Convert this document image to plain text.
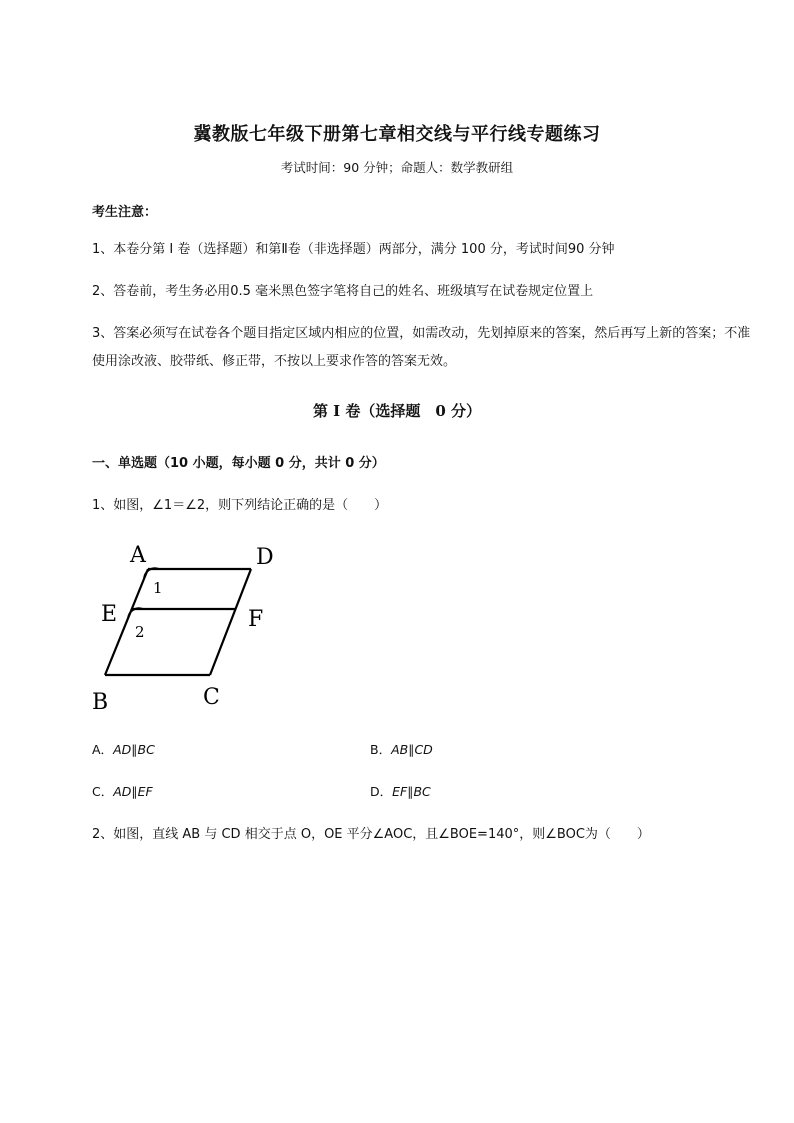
冀教版七年级下册第七章相交线与平行线专题练习
考试时间：90 分钟；命题人：数学教研组
考生注意：
1、本卷分第 I 卷（选择题）和第Ⅱ卷（非选择题）两部分，满分 100 分，考试时间90 分钟
2、答卷前，考生务必用0.5 毫米黑色签字笔将自己的姓名、班级填写在试卷规定位置上
3、答案必须写在试卷各个题目指定区域内相应的位置，如需改动，先划掉原来的答案，然后再写上新的答案；不准使用涂改液、胶带纸、修正带，不按以上要求作答的答案无效。
第 I 卷（选择题　0 分）
一、单选题（10 小题，每小题 0 分，共计 0 分）
1、如图，∠1＝∠2，则下列结论正确的是（　　）
A	D
E	F
B	C
1
2
A．AD∥BC	B．AB∥CD
C．AD∥EF	D．EF∥BC
2、如图，直线 AB 与 CD 相交于点 O，OE 平分∠AOC，且∠BOE=140°，则∠BOC为（　　）
